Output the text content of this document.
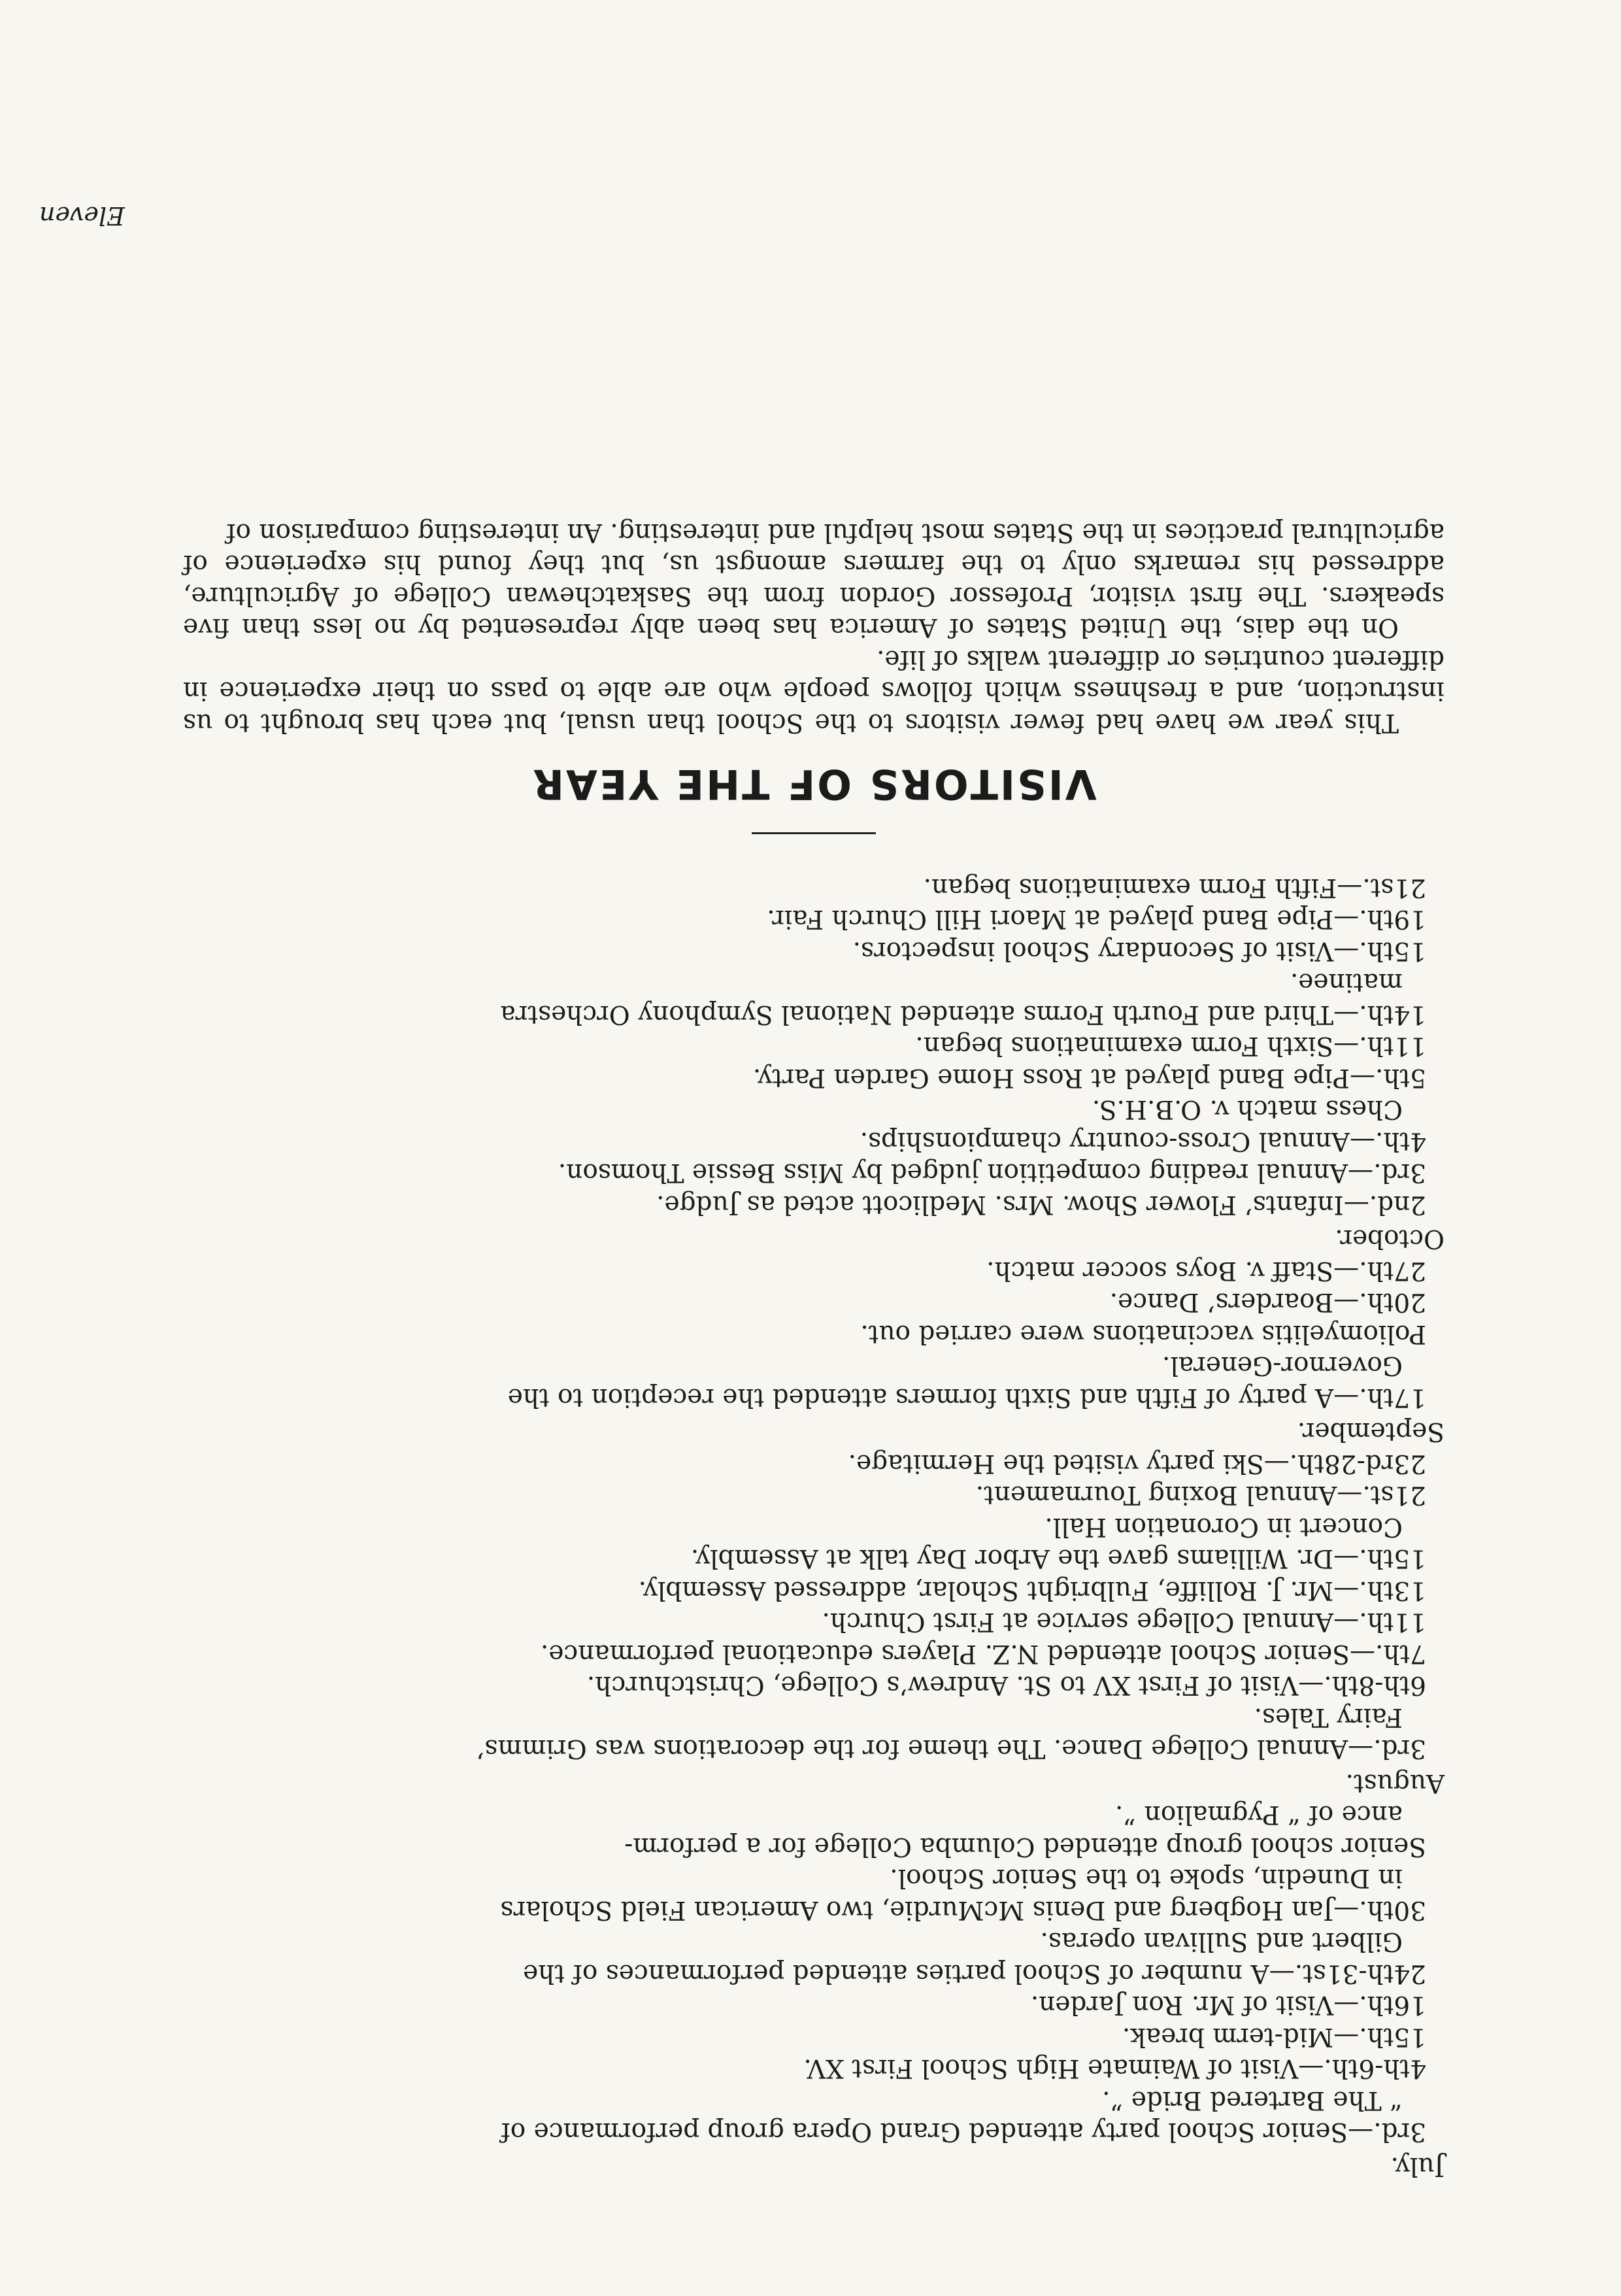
July.
3rd.—Senior School party attended Grand Opera group performance of
“ The Bartered Bride ”.
4th-6th.—Visit of Waimate High School First XV.
15th.—Mid-term break.
16th.—Visit of Mr. Ron Jarden.
24th-31st.—A number of School parties attended performances of the
Gilbert and Sullivan operas.
30th.—Jan Hogberg and Denis McMurdie, two American Field Scholars
in Dunedin, spoke to the Senior School.
Senior school group attended Columba College for a perform-
ance of “ Pygmalion ”.
August.
3rd.—Annual College Dance. The theme for the decorations was Grimms’
Fairy Tales.
6th-8th.—Visit of First XV to St. Andrew’s College, Christchurch.
7th.—Senior School attended N.Z. Players educational performance.
11th.—Annual College service at First Church.
13th.—Mr. J. Rolliffe, Fulbright Scholar, addressed Assembly.
15th.—Dr. Williams gave the Arbor Day talk at Assembly.
Concert in Coronation Hall.
21st.—Annual Boxing Tournament.
23rd-28th.—Ski party visited the Hermitage.
September.
17th.—A party of Fifth and Sixth formers attended the reception to the
Governor-General.
Poliomyelitis vaccinations were carried out.
20th.—Boarders’ Dance.
27th.—Staff v. Boys soccer match.
October.
2nd.—Infants’ Flower Show. Mrs. Medlicott acted as Judge.
3rd.—Annual reading competition judged by Miss Bessie Thomson.
4th.—Annual Cross-country championships.
Chess match v. O.B.H.S.
5th.—Pipe Band played at Ross Home Garden Party.
11th.—Sixth Form examinations began.
14th.—Third and Fourth Forms attended National Symphony Orchestra
matinee.
15th.—Visit of Secondary School inspectors.
19th.—Pipe Band played at Maori Hill Church Fair.
21st.—Fifth Form examinations began.
VISITORS OF THE YEAR

This year we have had fewer visitors to the School than usual, but each has brought to us instruction, and a freshness which follows people who are able to pass on their experience in different countries or different walks of life.

On the dais, the United States of America has been ably represented by no less than five speakers. The first visitor, Professor Gordon from the Saskatchewan College of Agriculture, addressed his remarks only to the farmers amongst us, but they found his experience of agricultural practices in the States most helpful and interesting. An interesting comparison of

Eleven
